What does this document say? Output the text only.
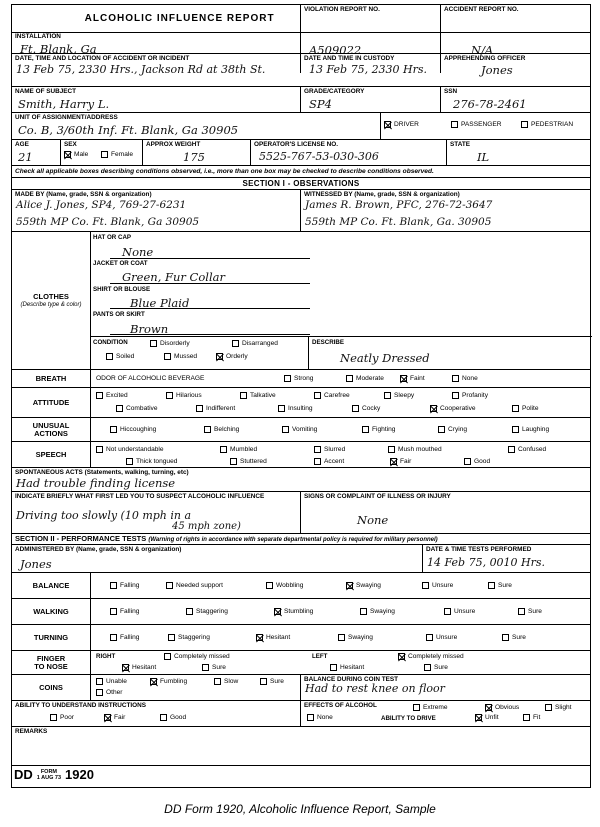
ALCOHOLIC INFLUENCE REPORT
VIOLATION REPORT NO.	ACCIDENT REPORT NO.
A509022	N/A
INSTALLATION
Ft. Blank, Ga
DATE, TIME AND LOCATION OF ACCIDENT OR INCIDENT
13 Feb 75, 2330 Hrs., Jackson Rd at 38th St.
DATE AND TIME IN CUSTODY
13 Feb 75, 2330 Hrs.
APPREHENDING OFFICER
Jones
NAME OF SUBJECT
Smith, Harry L.
GRADE/CATEGORY
SP4
SSN
276-78-2461
UNIT OF ASSIGNMENT/ADDRESS
Co. B, 3/60th Inf. Ft. Blank, Ga 30905	DRIVER	PASSENGER	PEDESTRIAN
AGE
21
SEX
Male	Female
APPROX WEIGHT
175
OPERATOR'S LICENSE NO.
5525-767-53-030-306
STATE
IL
Check all applicable boxes describing conditions observed, i.e., more than one box may be checked to describe conditions observed.
SECTION I - OBSERVATIONS
MADE BY (Name, grade, SSN & organization)
Alice J. Jones, SP4, 769-27-6231
559th MP Co. Ft. Blank, Ga 30905
WITNESSED BY (Name, grade, SSN & organization)
James R. Brown, PFC, 276-72-3647
559th MP Co. Ft. Blank, Ga. 30905
CLOTHES
(Describe type & color)
HAT OR CAP
None
JACKET OR COAT
Green, Fur Collar
SHIRT OR BLOUSE
Blue Plaid
PANTS OR SKIRT
Brown
CONDITION	Disorderly	Disarranged
Soiled	Mussed	Orderly
DESCRIBE
Neatly Dressed
BREATH	ODOR OF ALCOHOLIC BEVERAGE	Strong	Moderate	Faint	None
ATTITUDE
Excited	Hilarious	Talkative	Carefree	Sleepy	Profanity
Combative	Indifferent	Insulting	Cocky	Cooperative	Polite
UNUSUAL ACTIONS	Hiccoughing	Belching	Vomiting	Fighting	Crying	Laughing
SPEECH	Not understandable	Mumbled	Slurred	Mush mouthed	Confused
Thick tongued	Stuttered	Accent	Fair	Good
SPONTANEOUS ACTS (Statements, walking, turning, etc)
Had trouble finding license
INDICATE BRIEFLY WHAT FIRST LED YOU TO SUSPECT ALCOHOLIC INFLUENCE
Driving too slowly (10 mph in a
45 mph zone)
SIGNS OR COMPLAINT OF ILLNESS OR INJURY
None
SECTION II - PERFORMANCE TESTS (Warning of rights in accordance with separate departmental policy is required for military personnel)
ADMINISTERED BY (Name, grade, SSN & organization)
Jones
DATE & TIME TESTS PERFORMED
14 Feb 75, 0010 Hrs.
BALANCE	Falling	Needed support	Wobbling	Swaying	Unsure	Sure
WALKING	Falling	Staggering	Stumbling	Swaying	Unsure	Sure
TURNING	Falling	Staggering	Hesitant	Swaying	Unsure	Sure
FINGER TO NOSE
RIGHT	Completely missed
Hesitant	Sure
LEFT	Completely missed
Hesitant	Sure
COINS
Unable	Fumbling	Slow	Sure
Other
BALANCE DURING COIN TEST
Had to rest knee on floor
ABILITY TO UNDERSTAND INSTRUCTIONS
Poor	Fair	Good
EFFECTS OF ALCOHOL
None
Extreme	Obvious	Slight
ABILITY TO DRIVE	Unfit	Fit
REMARKS
DD	FORM
1 AUG 73 1920
DD Form 1920, Alcoholic Influence Report, Sample
